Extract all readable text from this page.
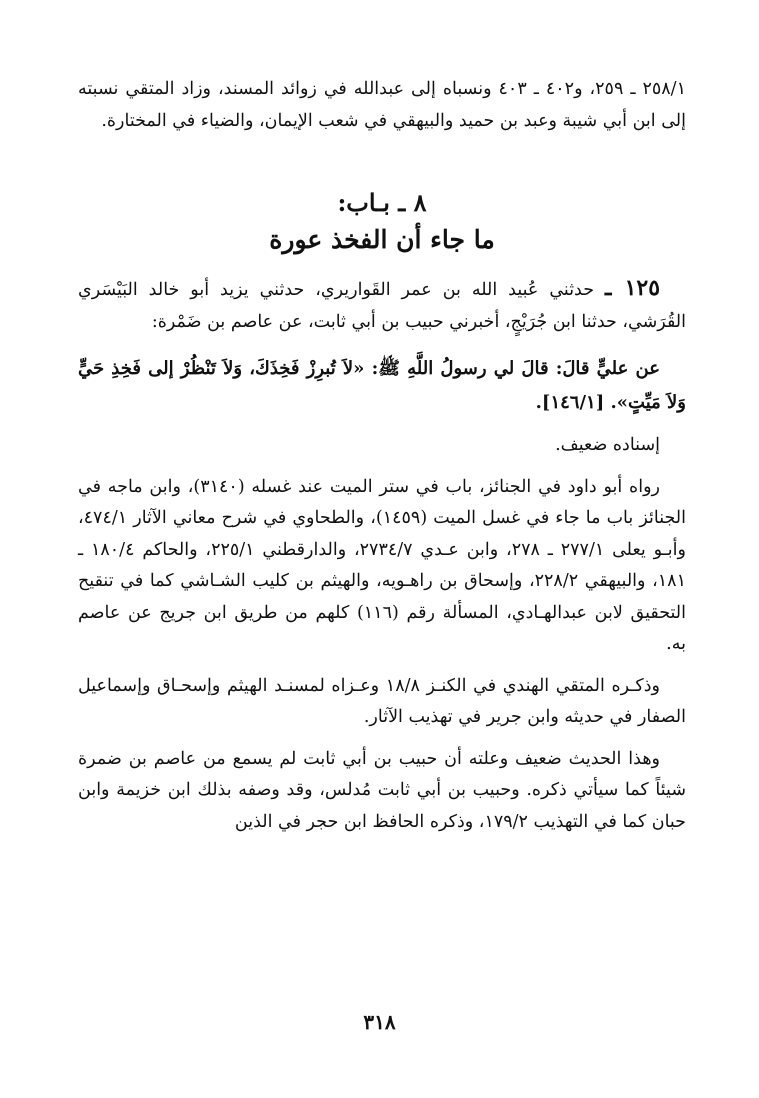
٢٥٨/١ ـ ٢٥٩، و٤٠٢ ـ ٤٠٣ ونسباه إلى عبدالله في زوائد المسند، وزاد المتقي نسبته إلى ابن أبي شيبة وعبد بن حميد والبيهقي في شعب الإيمان، والضياء في المختارة.

٨ ـ بـاب:
ما جاء أن الفخذ عورة

١٢٥ ـ حدثني عُبيد الله بن عمر القَواريري، حدثني يزيد أبو خالد البَيْسَري القُرَشي، حدثنا ابن جُرَيْجٍ، أخبرني حبيب بن أبي ثابت، عن عاصم بن ضَمْرة:

عن عليٍّ قالَ: قالَ لي رسولُ اللَّهِ ﷺ: «لاَ تُبرِزْ فَخِذَكَ، وَلاَ تَنْظُرْ إلى فَخِذِ حَيٍّ وَلاَ مَيِّتٍ». [١٤٦/١].

إسناده ضعيف.

رواه أبو داود في الجنائز، باب في ستر الميت عند غسله (٣١٤٠)، وابن ماجه في الجنائز باب ما جاء في غسل الميت (١٤٥٩)، والطحاوي في شرح معاني الآثار ٤٧٤/١، وأبـو يعلى ٢٧٧/١ ـ ٢٧٨، وابن عـدي ٢٧٣٤/٧، والدارقطني ٢٢٥/١، والحاكم ١٨٠/٤ ـ ١٨١، والبيهقي ٢٢٨/٢، وإسحاق بن راهـويه، والهيثم بن كليب الشـاشي كما في تنقيح التحقيق لابن عبدالهـادي، المسألة رقم (١١٦) كلهم من طريق ابن جريج عن عاصم به.

وذكـره المتقي الهندي في الكنـز ١٨/٨ وعـزاه لمسنـد الهيثم وإسحـاق وإسماعيل الصفار في حديثه وابن جرير في تهذيب الآثار.

وهذا الحديث ضعيف وعلته أن حبيب بن أبي ثابت لم يسمع من عاصم بن ضمرة شيئاً كما سيأتي ذكره. وحبيب بن أبي ثابت مُدلس، وقد وصفه بذلك ابن خزيمة وابن حبان كما في التهذيب ١٧٩/٢، وذكره الحافظ ابن حجر في الذين

٣١٨
